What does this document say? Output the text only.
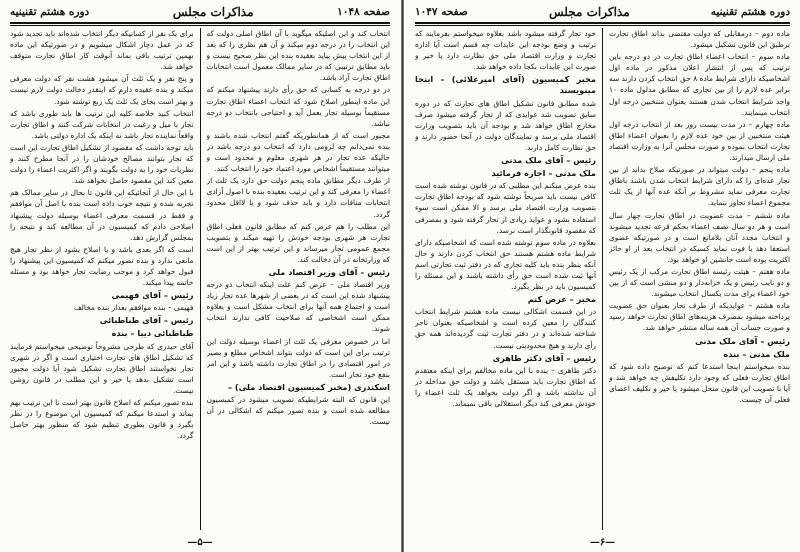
صفحه ۱۰۴۸
مذاکرات مجلس
دوره هشتم تقنينيه

انتخاب کند و این اصلیکه میگوید با آن اطاق اصلی دولت که این انتخاب را در درجه دوم میکند و آن هم نظری را که بعد از این انتخاب پیش بیاید بعقیده بنده این نظر صحیح نیست و باید مطابق ترتیبی که در سایر ممالک معمول است انتخابات اطاق تجارت آزاد باشد.

در دو درجه به کسانی که حق رأی دارند پیشنهاد میکنم که این ماده اینطور اصلاح شود که انتخاب اعضاء اطاق تجارت مستقیماً بوسیله تجار بعمل آید و احتیاجی بانتخاب دو درجه نباشد.

مجبور است که از همانطوریکه گفتم انتخاب شده باشند و بنده نمی‌دانم چه لزومی دارد که انتخاب دو درجه باشد در حالیکه عده تجار در هر شهری معلوم و محدود است و میتوانند مستقیماً اشخاص مورد اعتماد خود را انتخاب کنند.

از طرف دیگر مطابق ماده پنجم دولت حق دارد یک ثلث از اعضاء را معرفی کند و این ترتیب بعقیده بنده با اصول آزادی انتخابات منافات دارد و باید حذف شود و یا لااقل محدود گردد.

این مطلب را هم عرض کنم که مطابق قانون فعلی اطاق تجارت هر شهری بودجه خودش را تهیه میکند و بتصویب مجمع عمومی تجار میرساند و این ترتیب بهتر از این است که وزارتخانه در آن دخالت کند.

رئیس – آقای وزیر اقتصاد ملی

وزیر اقتصاد ملی – عرض کنم علت اینکه انتخاب دو درجه پیشنهاد شده این است که در بعضی از شهرها عده تجار زیاد است و اجتماع همه آنها برای انتخاب مشکل است و بعلاوه ممکن است اشخاصی که صلاحیت کافی ندارند انتخاب شوند.

اما در خصوص معرفی یک ثلث از اعضاء بوسیله دولت این ترتیب برای این است که دولت بتواند اشخاص مطلع و بصیر در امور اقتصادی را در اطاق تجارت داشته باشد و این امر بنفع خود تجار است.

اسکندری (مخبر کمیسیون اقتصاد ملی) –

این قانون که البته شرایطیکه تصویب میشود در کمیسیون مطالعه شده است و بنده تصور میکنم که اشکالی در آن نیست.

برای یک نفر از کسانیکه دیگر انتخاب شده‌اند باید تجدید شود که در عمل دچار اشکال میشویم و در صورتیکه این ماده بهمین ترتیب باقی بماند آنوقت کار اطاق تجارت متوقف خواهد شد.

و پنج نفر و یک ثلث آن میشود هشت نفر که دولت معرفی میکند و بنده عقیده دارم که اینقدر دخالت دولت لازم نیست و بهتر است بجای یک ثلث یک ربع نوشته شود.

انتخاب کنید خلاصه کلیه این ترتیب ها باید طوری باشد که تجار با میل و رغبت در انتخابات شرکت کنند و اطاق تجارت واقعاً نماینده تجار باشد نه اینکه یک اداره دولتی باشد.

باید توجه داشت که مقصود از تشکیل اطاق تجارت این است که تجار بتوانند مصالح خودشان را در آنجا مطرح کنند و نظریات خود را به دولت بگویند و اگر اکثریت اعضاء را دولت معین کند این مقصود حاصل نخواهد شد.

با این حال از آنجائیکه این قانون تا بحال در سایر ممالک هم تجربه شده و نتیجه خوب داده است بنده با اصل آن موافقم و فقط در قسمت معرفی اعضاء بوسیله دولت پیشنهاد اصلاحی دادم که کمیسیون در آن مطالعه کند و نتیجه را بمجلس گزارش دهد.

است که اگر بعدی باشد و یا اصلاح بشود از نظر تجار هیچ مانعی ندارد و بنده تصور میکنم که کمیسیون این پیشنهاد را قبول خواهد کرد و موجب رضایت تجار خواهد بود و مسئله خاتمه پیدا میکند.

رئیس – آقای فهیمی

فهیمی – بنده موافقم بعداز بنده مخالف

رئیس – آقای طباطبائی
طباطبائی دیبا – بنده

آقای حیدری که طرحی مشروحاً توضیحی میخواستم فرمایند که تشکیل اطاق های تجارت اختیاری است و اگر در شهری تجار نخواستند اطاق تجارت تشکیل شود آیا دولت مجبور است تشکیل بدهد یا خیر و این مطلب در قانون روشن نیست.

بنده تصور میکنم که اصلاح قانون بهتر است تا این ترتیب بهم بماند و استدعا میکنم که کمیسیون این موضوع را در نظر بگیرد و قانون بطوری تنظیم شود که منظور بهتر حاصل گردد.

—۵—
دوره هشتم تقنينيه
مذاکرات مجلس
صفحه ۱۰۴۷

ماده دوم – درمقابلی که دولت مقتضی بداند اطاق تجارت برطبق این قانون تشکیل میشود.

ماده سوم – انتخاب اعضاء اطاق تجارت در دو درجه باین ترتیب که پس از انتشار اعلان مذکور در ماده اول اشخاصیکه دارای شرایط ماده ۸ حق انتخاب کردن دارند سه برابر عده لازم را از بین تجاری که مطابق مدلول ماده ۱۰ واجد شرایط انتخاب شدن هستند بعنوان منتخبین درجه اول انتخاب مینمایند.

ماده چهارم – در مدت بیست روز بعد از انتخاب درجه اول هیئت منتخبین از بین خود عده لازم را بعنوان اعضاء اطاق تجارت انتخاب نموده و صورت مجلس آنرا به وزارت اقتصاد ملی ارسال میدارند.

ماده پنجم – دولت میتواند در صورتیکه صلاح بداند از بین تجار عده‌ای را که دارای شرایط انتخاب شدن باشند باطاق تجارت معرفی نماید مشروط بر آنکه عده آنها از یک ثلث مجموع اعضاء تجاوز ننماید.

ماده ششم – مدت عضویت در اطاق تجارت چهار سال است و هر دو سال نصف اعضاء بحکم قرعه تجدید میشوند و انتخاب مجدد آنان بلامانع است و در صورتیکه عضوی استعفا دهد یا فوت نماید کسیکه در انتخاب بعد از او حائز اکثریت بوده است جانشین او خواهد بود.

ماده هفتم – هیئت رئیسه اطاق تجارت مرکب از یک رئیس و دو نایب رئیس و یک خزانه‌دار و دو منشی است که از بین خود اعضاء برای مدت یکسال انتخاب میشوند.

ماده هشتم – عوایدیکه از طرف تجار بعنوان حق عضویت پرداخته میشود بمصرف هزینه‌های اطاق تجارت خواهد رسید و صورت حساب آن همه ساله منتشر خواهد شد.

رئیس – آقای ملک مدنی
ملک مدنی – بنده

بنده میخواستم اینجا استدعا کنم که توضیح داده شود که اطاق تجارت فعلی که وجود دارد تکلیفش چه خواهد شد و آیا با تصویب این قانون منحل میشود یا خیر و تکلیف اعضای فعلی آن چیست.

خود تجار گرفته میشود باشد بعلاوه میخواستم بفرمایند که ترتیب و وضع بودجه این عایدات چه قسم است آیا اداره تجارت و وزارت اقتصاد ملی حق نظارت دارد یا خیر و صورت این عایدات بکجا داده خواهد شد.

مخبر کمیسیون (آقای امیرعلائی) – اینجا مینویسند

شده مطابق قانون تشکیل اطاق های تجارت که در دوره سابق تصویب شد عوایدی که از تجار گرفته میشود صرف مخارج اطاق خواهد شد و بودجه آن باید بتصویب وزارت اقتصاد ملی برسد و نمایندگان دولت در آنجا حضور دارند و حق نظارت کامل دارند.

رئیس – آقای ملک مدنی
ملک مدنی – اجازه فرمائید

بنده عرض میکنم این مطلبی که در قانون نوشته شده است کافی نیست باید صریحاً نوشته شود که بودجه اطاق تجارت بتصویب وزارت اقتصاد ملی برسد و الا ممکن است سوء استفاده بشود و عواید زیادی از تجار گرفته شود و بمصرفی که مقصود قانونگذار است نرسد.

بعلاوه در ماده سوم نوشته شده است که اشخاصیکه دارای شرایط ماده هشتم هستند حق انتخاب کردن دارند و حال آنکه بنظر بنده باید کلیه تجاری که در دفتر ثبت تجارتی اسم آنها ثبت شده است حق رأی داشته باشند و این مسئله را کمیسیون باید در نظر بگیرد.

مخبر – عرض کنم

در این قسمت اشکالی نیست ماده هشتم شرایط انتخاب کنندگان را معین کرده است و اشخاصیکه بعنوان تاجر شناخته شده‌اند و در دفتر تجارت ثبت گردیده‌اند همه حق رأی دارند و هیچ محدودیتی نیست.

رئیس – آقای دکتر طاهری

دکتر طاهری – بنده با این ماده مخالفم برای اینکه معتقدم که اطاق تجارت باید مستقل باشد و دولت حق مداخله در آن نداشته باشد و اگر دولت بخواهد یک ثلث اعضاء را خودش معرفی کند دیگر استقلالی باقی نمیماند.

—۶—
